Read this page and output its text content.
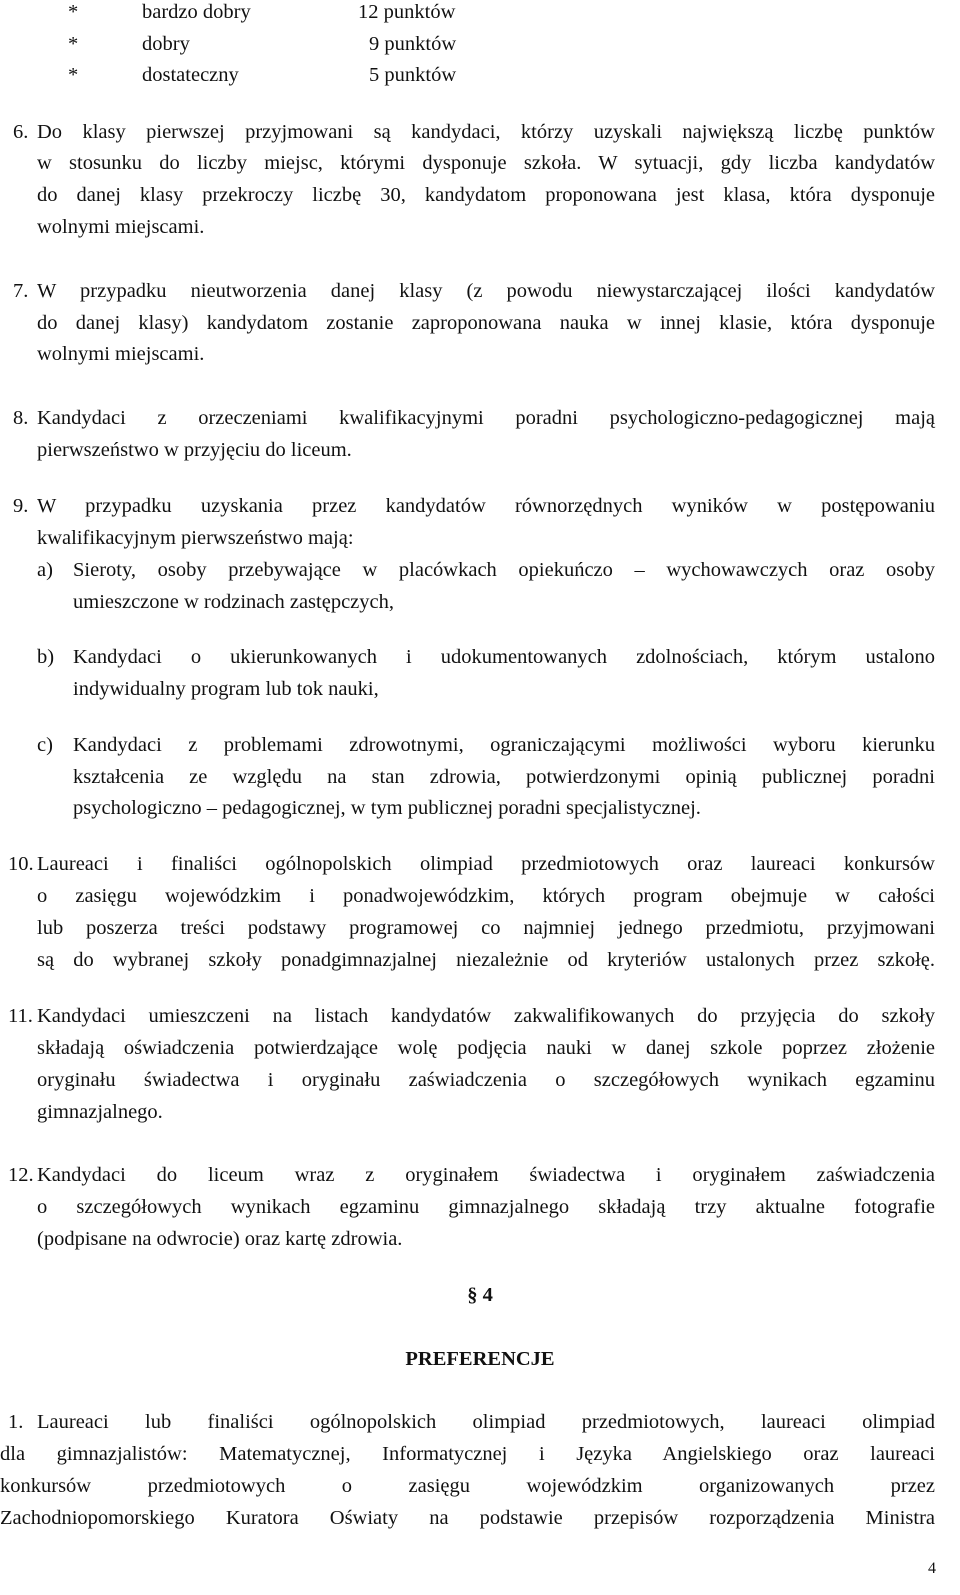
*	bardzo dobry	12 punktów
*	dobry	9 punktów
*	dostateczny	5 punktów
6. Do klasy pierwszej przyjmowani są kandydaci, którzy uzyskali największą liczbę punktów
w stosunku do liczby miejsc, którymi dysponuje szkoła. W sytuacji, gdy liczba kandydatów
do danej klasy przekroczy liczbę 30, kandydatom proponowana jest klasa, która dysponuje
wolnymi miejscami.
7. W przypadku nieutworzenia danej klasy (z powodu niewystarczającej ilości kandydatów
do danej klasy) kandydatom zostanie zaproponowana nauka w innej klasie, która dysponuje
wolnymi miejscami.
8. Kandydaci z orzeczeniami kwalifikacyjnymi poradni psychologiczno-pedagogicznej mają
pierwszeństwo w przyjęciu do liceum.
9. W przypadku uzyskania przez kandydatów równorzędnych wyników w postępowaniu
kwalifikacyjnym pierwszeństwo mają:
a) Sieroty, osoby przebywające w placówkach opiekuńczo – wychowawczych oraz osoby
umieszczone w rodzinach zastępczych,
b) Kandydaci o ukierunkowanych i udokumentowanych zdolnościach, którym ustalono
indywidualny program lub tok nauki,
c) Kandydaci z problemami zdrowotnymi, ograniczającymi możliwości wyboru kierunku
kształcenia ze względu na stan zdrowia, potwierdzonymi opinią publicznej poradni
psychologiczno – pedagogicznej, w tym publicznej poradni specjalistycznej.
10. Laureaci i finaliści ogólnopolskich olimpiad przedmiotowych oraz laureaci konkursów
o zasięgu wojewódzkim i ponadwojewódzkim, których program obejmuje w całości
lub poszerza treści podstawy programowej co najmniej jednego przedmiotu, przyjmowani
są do wybranej szkoły ponadgimnazjalnej niezależnie od kryteriów ustalonych przez szkołę.
11. Kandydaci umieszczeni na listach kandydatów zakwalifikowanych do przyjęcia do szkoły
składają oświadczenia potwierdzające wolę podjęcia nauki w danej szkole poprzez złożenie
oryginału świadectwa i oryginału zaświadczenia o szczegółowych wynikach egzaminu
gimnazjalnego.
12. Kandydaci do liceum wraz z oryginałem świadectwa i oryginałem zaświadczenia
o szczegółowych wynikach egzaminu gimnazjalnego składają trzy aktualne fotografie
(podpisane na odwrocie) oraz kartę zdrowia.
§ 4
PREFERENCJE
1. Laureaci lub finaliści ogólnopolskich olimpiad przedmiotowych, laureaci olimpiad
dla gimnazjalistów: Matematycznej, Informatycznej i Języka Angielskiego oraz laureaci
konkursów przedmiotowych o zasięgu wojewódzkim organizowanych przez
Zachodniopomorskiego Kuratora Oświaty na podstawie przepisów rozporządzenia Ministra
4
